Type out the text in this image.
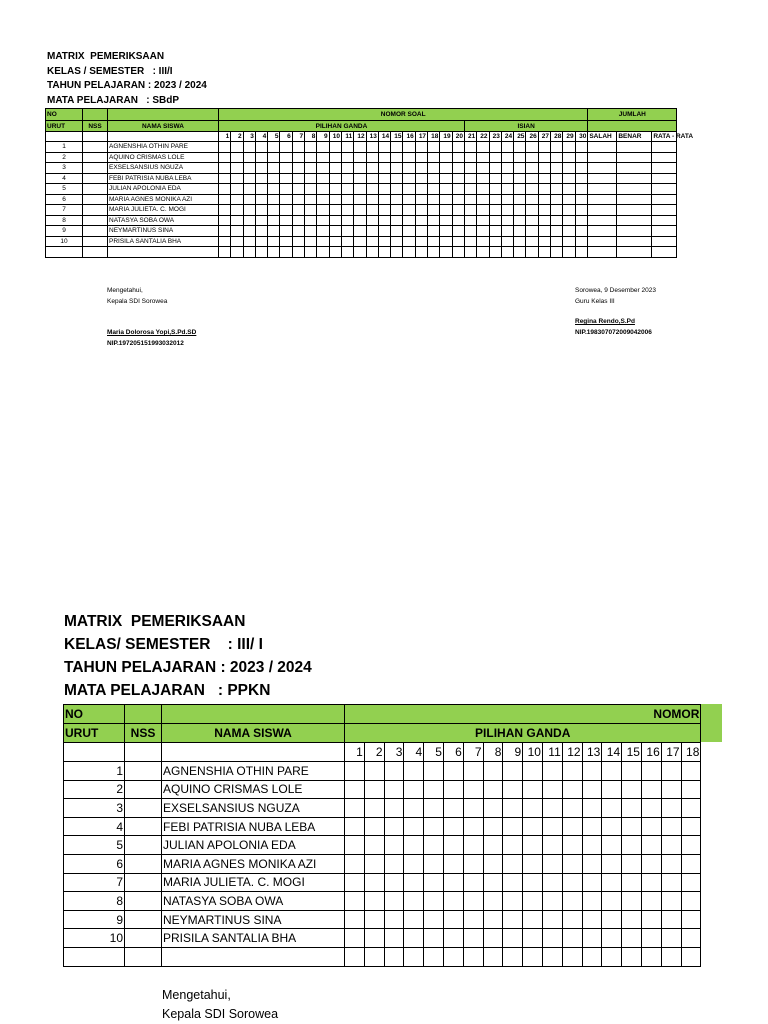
MATRIX  PEMERIKSAAN
KELAS / SEMESTER   : III/I
TAHUN PELAJARAN : 2023 / 2024
MATA PELAJARAN   : SBdP
NO			NOMOR SOAL																														JUMLAH		
URUT	NSS	NAMA SISWA	PILIHAN GANDA																				ISIAN												
			1	2	3	4	5	6	7	8	9	10	11	12	13	14	15	16	17	18	19	20	21	22	23	24	25	26	27	28	29	30	SALAH	BENAR	RATA - RATA
1		AGNENSHIA OTHIN PARE																																	
2		AQUINO CRISMAS LOLE																																	
3		EXSELSANSIUS NGUZA																																	
4		FEBI PATRISIA NUBA LEBA																																	
5		JULIAN APOLONIA EDA																																	
6		MARIA AGNES MONIKA AZI																																	
7		MARIA JULIETA. C. MOGI																																	
8		NATASYA SOBA OWA																																	
9		NEYMARTINUS SINA																																	
10		PRISILA SANTALIA BHA																																	

Mengetahui,
Kepala SDI Sorowea
Maria Dolorosa Yopi,S.Pd.SD
NIP.197205151993032012
Sorowea, 9 Desember 2023
Guru Kelas III
Regina Rendo,S.Pd
NIP.198307072009042006
MATRIX  PEMERIKSAAN
KELAS/ SEMESTER    : III/ I
TAHUN PELAJARAN : 2023 / 2024
MATA PELAJARAN   : PPKN
NO			NOMOR																	
URUT	NSS	NAMA SISWA	PILIHAN GANDA																	
			1	2	3	4	5	6	7	8	9	10	11	12	13	14	15	16	17	18
1		AGNENSHIA OTHIN PARE																		
2		AQUINO CRISMAS LOLE																		
3		EXSELSANSIUS NGUZA																		
4		FEBI PATRISIA NUBA LEBA																		
5		JULIAN APOLONIA EDA																		
6		MARIA AGNES MONIKA AZI																		
7		MARIA JULIETA. C. MOGI																		
8		NATASYA SOBA OWA																		
9		NEYMARTINUS SINA																		
10		PRISILA SANTALIA BHA																		

Mengetahui,
Kepala SDI Sorowea
